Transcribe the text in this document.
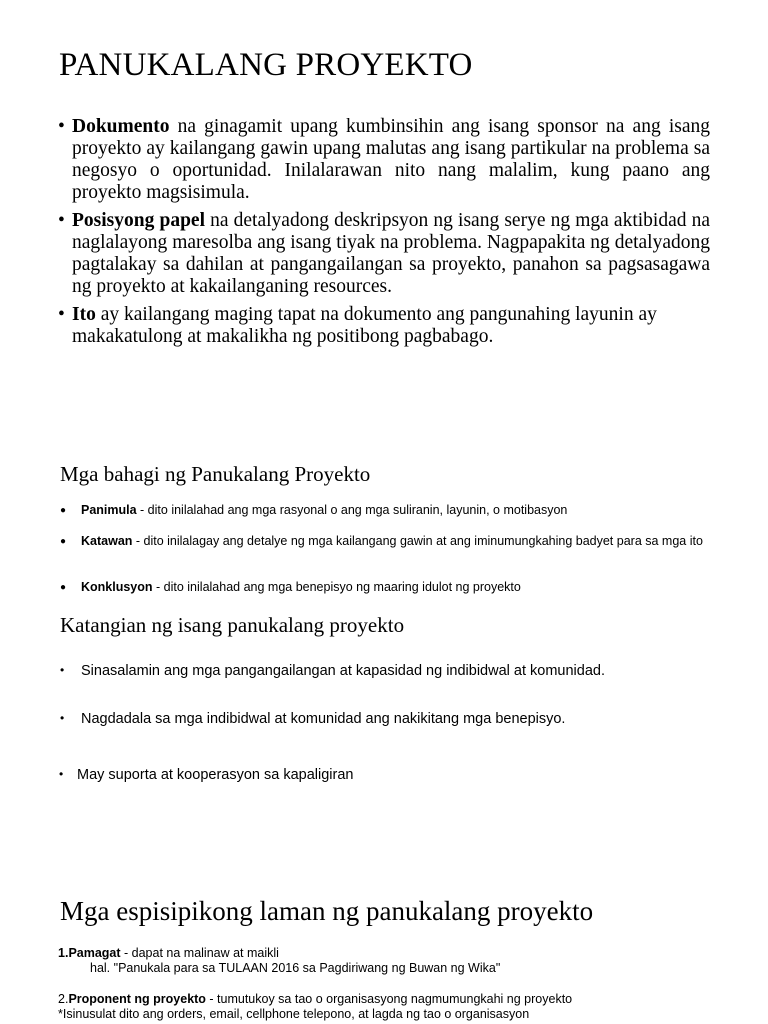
PANUKALANG PROYEKTO
• Dokumento na ginagamit upang kumbinsihin ang isang sponsor na ang isang proyekto ay kailangang gawin upang malutas ang isang partikular na problema sa negosyo o oportunidad. Inilalarawan nito nang malalim, kung paano ang proyekto magsisimula.
• Posisyong papel na detalyadong deskripsyon ng isang serye ng mga aktibidad na naglalayong maresolba ang isang tiyak na problema. Nagpapakita ng detalyadong pagtalakay sa dahilan at pangangailangan sa proyekto, panahon sa pagsasagawa ng proyekto at kakailanganing resources.
• Ito ay kailangang maging tapat na dokumento ang pangunahing layunin ay makakatulong at makalikha ng positibong pagbabago.
Mga bahagi ng Panukalang Proyekto
● Panimula - dito inilalahad ang mga rasyonal o ang mga suliranin, layunin, o motibasyon
● Katawan - dito inilalagay ang detalye ng mga kailangang gawin at ang iminumungkahing badyet para sa mga ito
● Konklusyon - dito inilalahad ang mga benepisyo ng maaring idulot ng proyekto
Katangian ng isang panukalang proyekto
• Sinasalamin ang mga pangangailangan at kapasidad ng indibidwal at komunidad.
• Nagdadala sa mga indibidwal at komunidad ang nakikitang mga benepisyo.
• May suporta at kooperasyon sa kapaligiran
Mga espisipikong laman ng panukalang proyekto
1.Pamagat - dapat na malinaw at maikli
hal. "Panukala para sa TULAAN 2016 sa Pagdiriwang ng Buwan ng Wika"
2.Proponent ng proyekto - tumutukoy sa tao o organisasyong nagmumungkahi ng proyekto
*Isinusulat dito ang orders, email, cellphone telepono, at lagda ng tao o organisasyon
